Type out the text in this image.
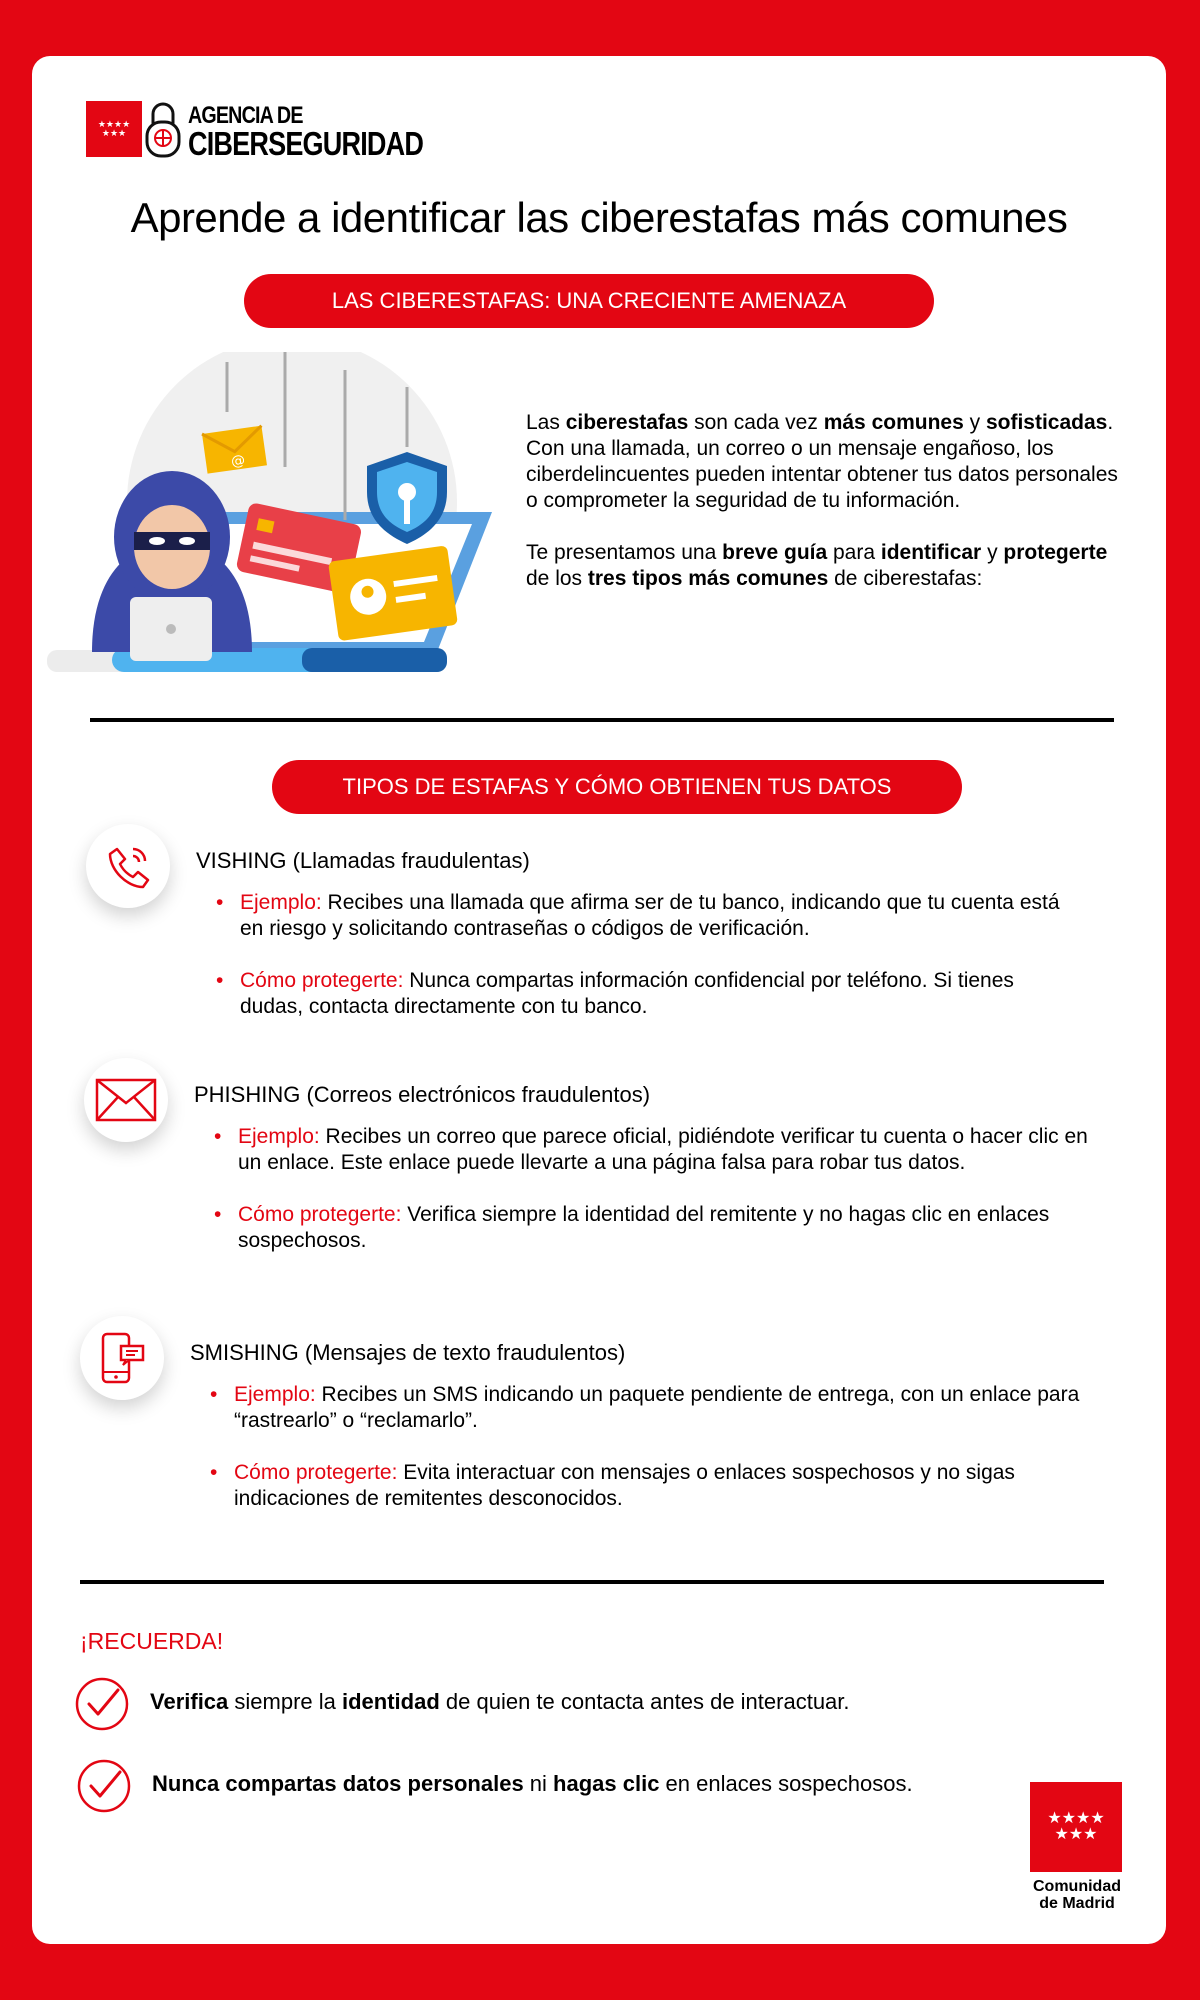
★★★★
★★★
AGENCIA DE
CIBERSEGURIDAD
Aprende a identificar las ciberestafas más comunes
LAS CIBERESTAFAS: UNA CRECIENTE AMENAZA
@

Las ciberestafas son cada vez más comunes y sofisticadas. Con una llamada, un correo o un mensaje engañoso, los ciberdelincuentes pueden intentar obtener tus datos personales o comprometer la seguridad de tu información.

Te presentamos una breve guía para identificar y protegerte de los tres tipos más comunes de ciberestafas:

TIPOS DE ESTAFAS Y CÓMO OBTIENEN TUS DATOS
VISHING (Llamadas fraudulentas)
• Ejemplo: Recibes una llamada que afirma ser de tu banco, indicando que tu cuenta está en riesgo y solicitando contraseñas o códigos de verificación.
• Cómo protegerte: Nunca compartas información confidencial por teléfono. Si tienes dudas, contacta directamente con tu banco.
PHISHING (Correos electrónicos fraudulentos)
• Ejemplo: Recibes un correo que parece oficial, pidiéndote verificar tu cuenta o hacer clic en un enlace. Este enlace puede llevarte a una página falsa para robar tus datos.
• Cómo protegerte: Verifica siempre la identidad del remitente y no hagas clic en enlaces sospechosos.
SMISHING (Mensajes de texto fraudulentos)
• Ejemplo: Recibes un SMS indicando un paquete pendiente de entrega, con un enlace para “rastrearlo” o “reclamarlo”.
• Cómo protegerte: Evita interactuar con mensajes o enlaces sospechosos y no sigas indicaciones de remitentes desconocidos.
¡RECUERDA!
Verifica siempre la identidad de quien te contacta antes de interactuar.
Nunca compartas datos personales ni hagas clic en enlaces sospechosos.
★★★★
★★★
Comunidad
de Madrid
